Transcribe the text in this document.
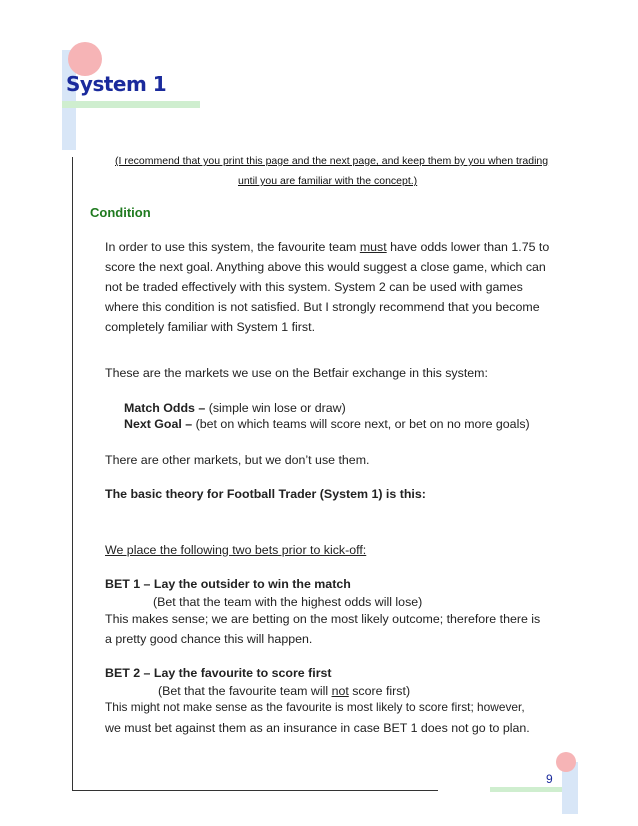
System 1
(I recommend that you print this page and the next page, and keep them by you when trading
until you are familiar with the concept.)
Condition
In order to use this system, the favourite team must have odds lower than 1.75 to score the next goal. Anything above this would suggest a close game, which can not be traded effectively with this system. System 2 can be used with games where this condition is not satisfied. But I strongly recommend that you become completely familiar with System 1 first.
These are the markets we use on the Betfair exchange in this system:
Match Odds – (simple win lose or draw)
Next Goal – (bet on which teams will score next, or bet on no more goals)
There are other markets, but we don’t use them.
The basic theory for Football Trader (System 1) is this:
We place the following two bets prior to kick-off:
BET 1 – Lay the outsider to win the match
(Bet that the team with the highest odds will lose)
This makes sense; we are betting on the most likely outcome; therefore there is
a pretty good chance this will happen.
BET 2 – Lay the favourite to score first
(Bet that the favourite team will not score first)
This might not make sense as the favourite is most likely to score first; however,
we must bet against them as an insurance in case BET 1 does not go to plan.
9
